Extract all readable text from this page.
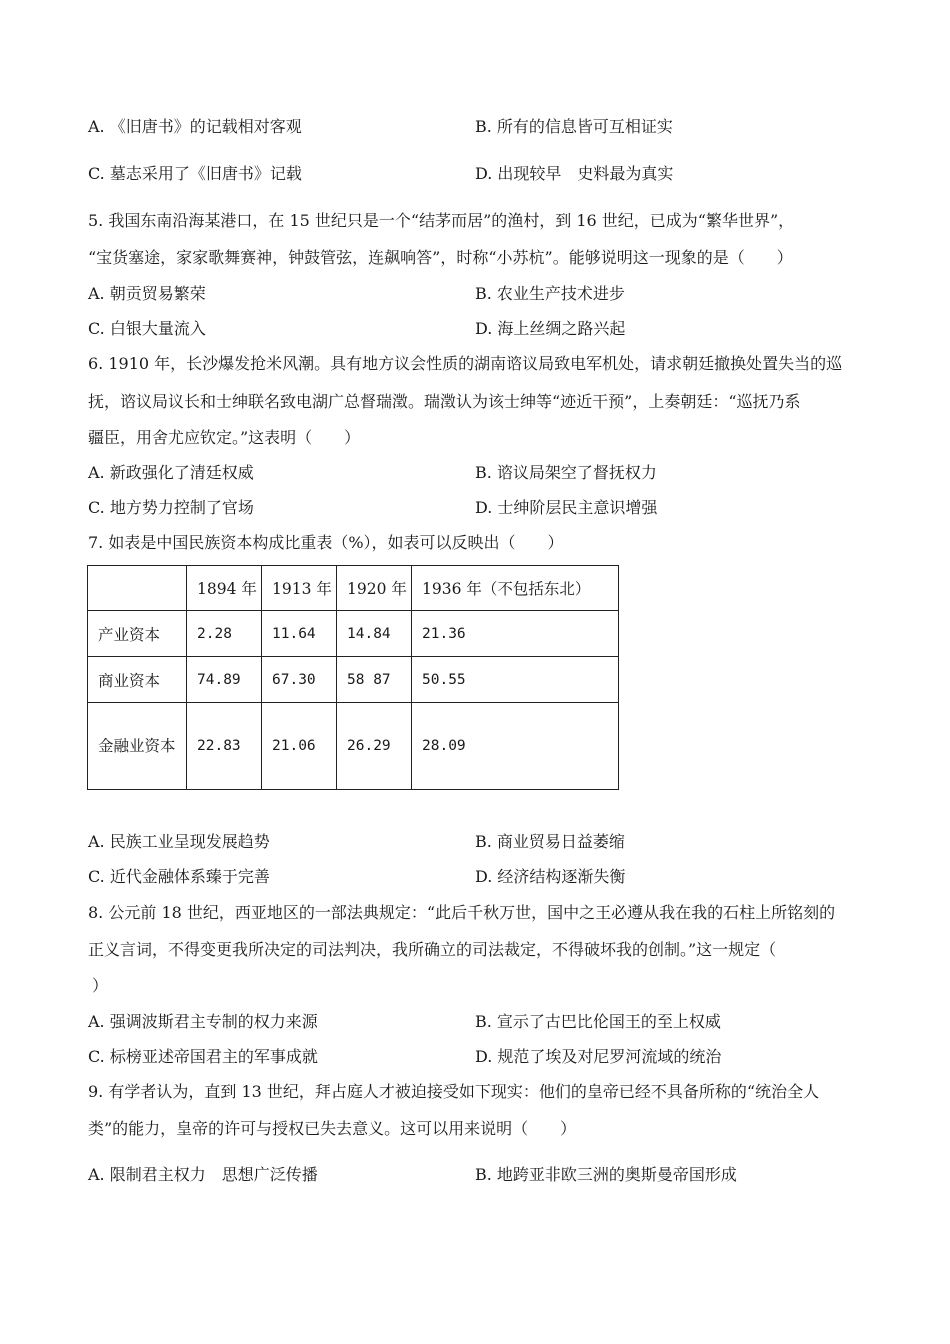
A. 《旧唐书》的记载相对客观	B. 所有的信息皆可互相证实
C. 墓志采用了《旧唐书》记载	D. 出现较早　史料最为真实
5. 我国东南沿海某港口，在 15 世纪只是一个“结茅而居”的渔村，到 16 世纪，已成为“繁华世界”，
“宝货塞途，家家歌舞赛神，钟鼓管弦，连飙响答”，时称“小苏杭”。能够说明这一现象的是（　　）
A. 朝贡贸易繁荣	B. 农业生产技术进步
C. 白银大量流入	D. 海上丝绸之路兴起
6. 1910 年，长沙爆发抢米风潮。具有地方议会性质的湖南谘议局致电军机处，请求朝廷撤换处置失当的巡
抚，谘议局议长和士绅联名致电湖广总督瑞澂。瑞澂认为该士绅等“迹近干预”，上奏朝廷：“巡抚乃系
疆臣，用舍尤应钦定。”这表明（　　）
A. 新政强化了清廷权威	B. 谘议局架空了督抚权力
C. 地方势力控制了官场	D. 士绅阶层民主意识增强
7. 如表是中国民族资本构成比重表（%），如表可以反映出（　　）
	1894 年	1913 年	1920 年	1936 年（不包括东北）
产业资本	2.28	11.64	14.84	21.36
商业资本	74.89	67.30	58 87	50.55
金融业资本	22.83	21.06	26.29	28.09
A. 民族工业呈现发展趋势	B. 商业贸易日益萎缩
C. 近代金融体系臻于完善	D. 经济结构逐渐失衡
8. 公元前 18 世纪，西亚地区的一部法典规定：“此后千秋万世，国中之王必遵从我在我的石柱上所铭刻的
正义言词，不得变更我所决定的司法判决，我所确立的司法裁定，不得破坏我的创制。”这一规定（
）
A. 强调波斯君主专制的权力来源	B. 宣示了古巴比伦国王的至上权威
C. 标榜亚述帝国君主的军事成就	D. 规范了埃及对尼罗河流域的统治
9. 有学者认为，直到 13 世纪，拜占庭人才被迫接受如下现实：他们的皇帝已经不具备所称的“统治全人
类”的能力，皇帝的许可与授权已失去意义。这可以用来说明（　　）
A. 限制君主权力　思想广泛传播	B. 地跨亚非欧三洲的奥斯曼帝国形成
